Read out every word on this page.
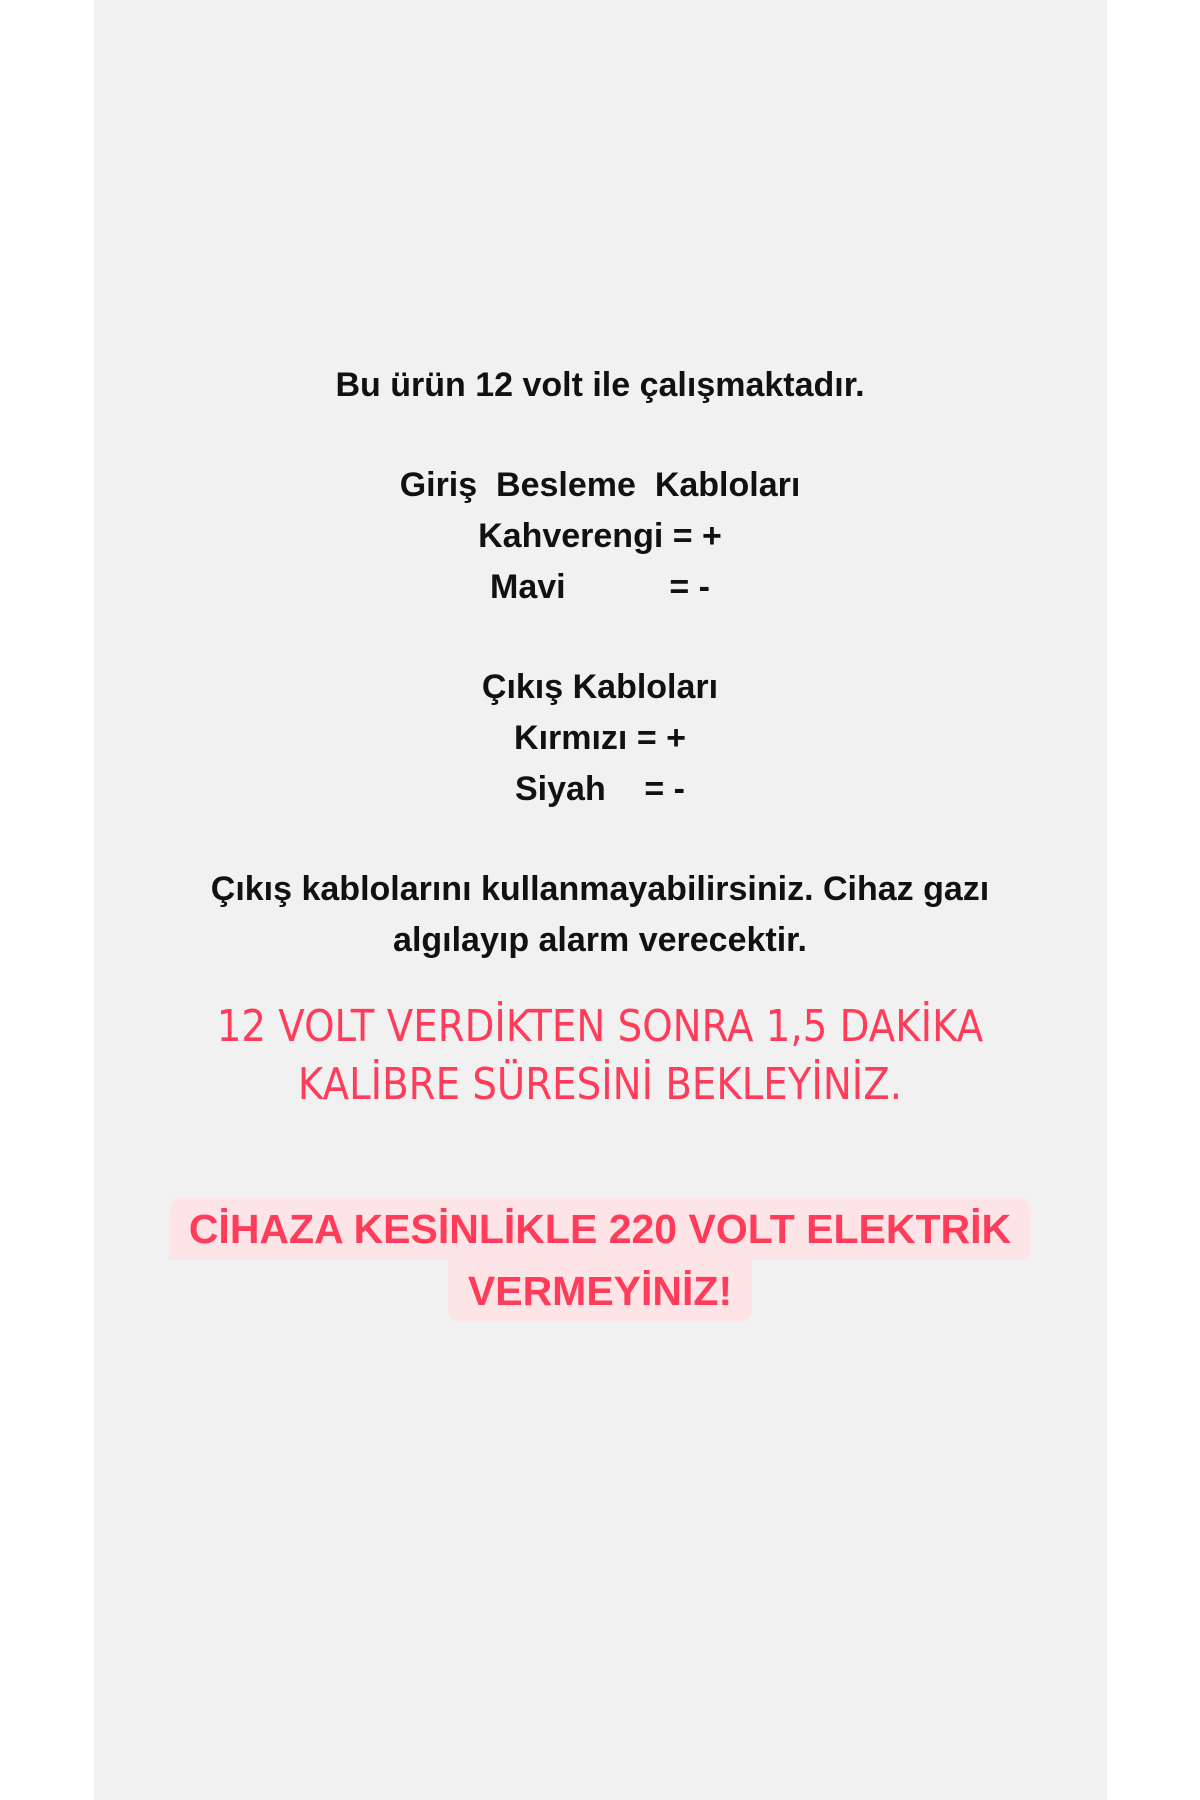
Bu ürün 12 volt ile çalışmaktadır.

Giriş  Besleme  Kabloları
Kahverengi = +
Mavi	= -
Çıkış Kabloları
Kırmızı = +
Siyah	= -
Çıkış kablolarını kullanmayabilirsiniz. Cihaz gazı
algılayıp alarm verecektir.
12 VOLT VERDİKTEN SONRA 1,5 DAKİKA
KALİBRE SÜRESİNİ BEKLEYİNİZ.
CİHAZA KESİNLİKLE 220 VOLT ELEKTRİK
VERMEYİNİZ!
